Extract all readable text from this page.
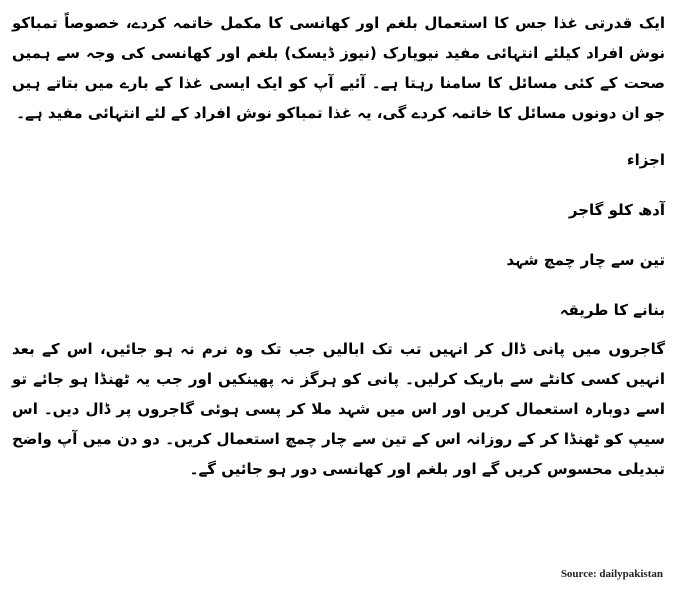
ایک قدرتی غذا جس کا استعمال بلغم اور کھانسی کا مکمل خاتمہ کردے، خصوصاً تمباکو نوش افراد کیلئے انتہائی مفید نیویارک (نیوز ڈیسک) بلغم اور کھانسی کی وجہ سے ہمیں صحت کے کئی مسائل کا سامنا رہتا ہے۔ آئیے آپ کو ایک ایسی غذا کے بارے میں بتاتے ہیں جو ان دونوں مسائل کا خاتمہ کردے گی، یہ غذا تمباکو نوش افراد کے لئے انتہائی مفید ہے۔

اجزاء

آدھ کلو گاجر

تین سے چار چمچ شہد

بنانے کا طریقہ

گاجروں میں پانی ڈال کر انہیں تب تک ابالیں جب تک وہ نرم نہ ہو جائیں، اس کے بعد انہیں کسی کانٹے سے باریک کرلیں۔ پانی کو ہرگز نہ پھینکیں اور جب یہ ٹھنڈا ہو جائے تو اسے دوبارہ استعمال کریں اور اس میں شہد ملا کر پسی ہوئی گاجروں پر ڈال دیں۔ اس سیپ کو ٹھنڈا کر کے روزانہ اس کے تین سے چار چمچ استعمال کریں۔ دو دن میں آپ واضح تبدیلی محسوس کریں گے اور بلغم اور کھانسی دور ہو جائیں گے۔

Source: dailypakistan
